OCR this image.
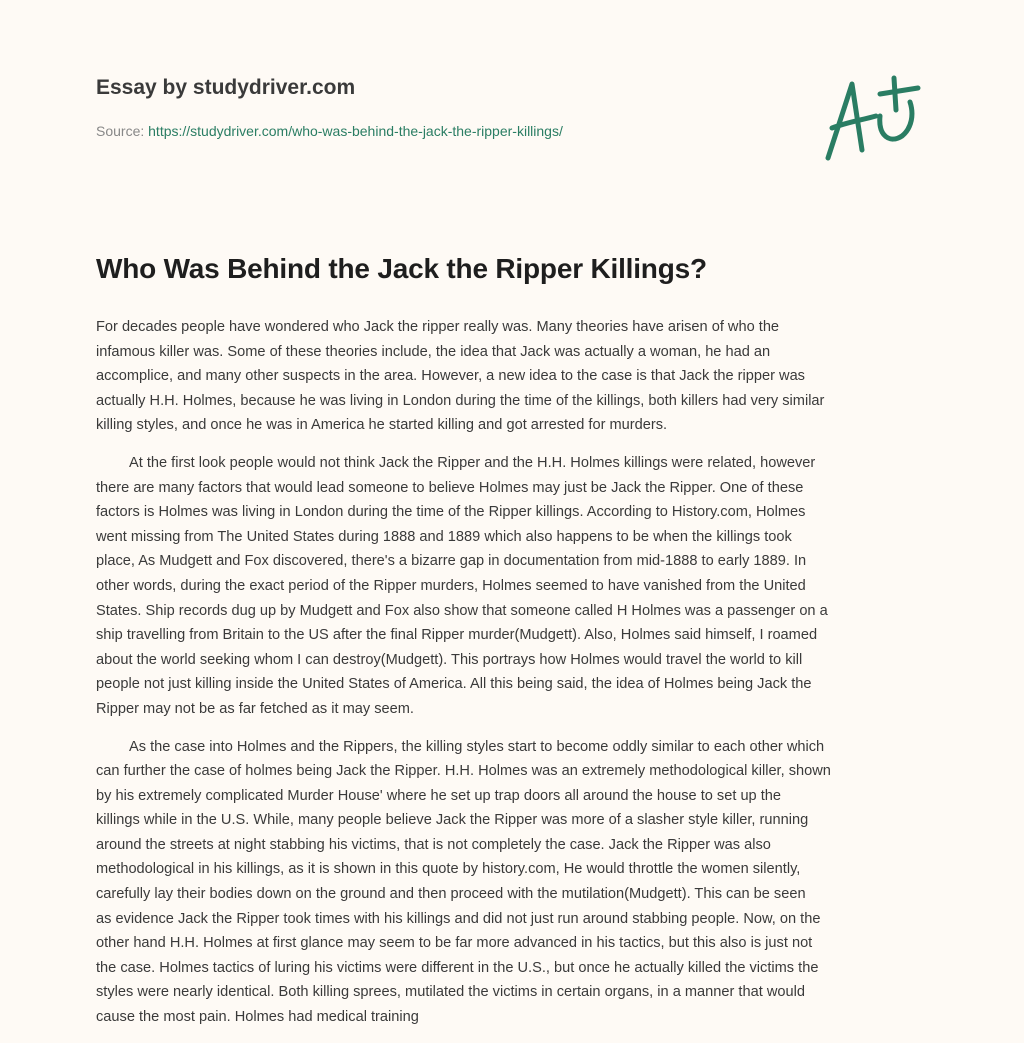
Essay by studydriver.com
Source: https://studydriver.com/who-was-behind-the-jack-the-ripper-killings/
Who Was Behind the Jack the Ripper Killings?
For decades people have wondered who Jack the ripper really was. Many theories have arisen of who the
infamous killer was. Some of these theories include, the idea that Jack was actually a woman, he had an
accomplice, and many other suspects in the area. However, a new idea to the case is that Jack the ripper was
actually H.H. Holmes, because he was living in London during the time of the killings, both killers had very similar
killing styles, and once he was in America he started killing and got arrested for murders.
At the first look people would not think Jack the Ripper and the H.H. Holmes killings were related, however
there are many factors that would lead someone to believe Holmes may just be Jack the Ripper. One of these
factors is Holmes was living in London during the time of the Ripper killings. According to History.com, Holmes
went missing from The United States during 1888 and 1889 which also happens to be when the killings took
place, As Mudgett and Fox discovered, there's a bizarre gap in documentation from mid-1888 to early 1889. In
other words, during the exact period of the Ripper murders, Holmes seemed to have vanished from the United
States. Ship records dug up by Mudgett and Fox also show that someone called H Holmes was a passenger on a
ship travelling from Britain to the US after the final Ripper murder(Mudgett). Also, Holmes said himself, I roamed
about the world seeking whom I can destroy(Mudgett). This portrays how Holmes would travel the world to kill
people not just killing inside the United States of America. All this being said, the idea of Holmes being Jack the
Ripper may not be as far fetched as it may seem.
As the case into Holmes and the Rippers, the killing styles start to become oddly similar to each other which
can further the case of holmes being Jack the Ripper. H.H. Holmes was an extremely methodological killer, shown
by his extremely complicated Murder House' where he set up trap doors all around the house to set up the
killings while in the U.S. While, many people believe Jack the Ripper was more of a slasher style killer, running
around the streets at night stabbing his victims, that is not completely the case. Jack the Ripper was also
methodological in his killings, as it is shown in this quote by history.com, He would throttle the women silently,
carefully lay their bodies down on the ground and then proceed with the mutilation(Mudgett). This can be seen
as evidence Jack the Ripper took times with his killings and did not just run around stabbing people. Now, on the
other hand H.H. Holmes at first glance may seem to be far more advanced in his tactics, but this also is just not
the case. Holmes tactics of luring his victims were different in the U.S., but once he actually killed the victims the
styles were nearly identical. Both killing sprees, mutilated the victims in certain organs, in a manner that would
cause the most pain. Holmes had medical training
